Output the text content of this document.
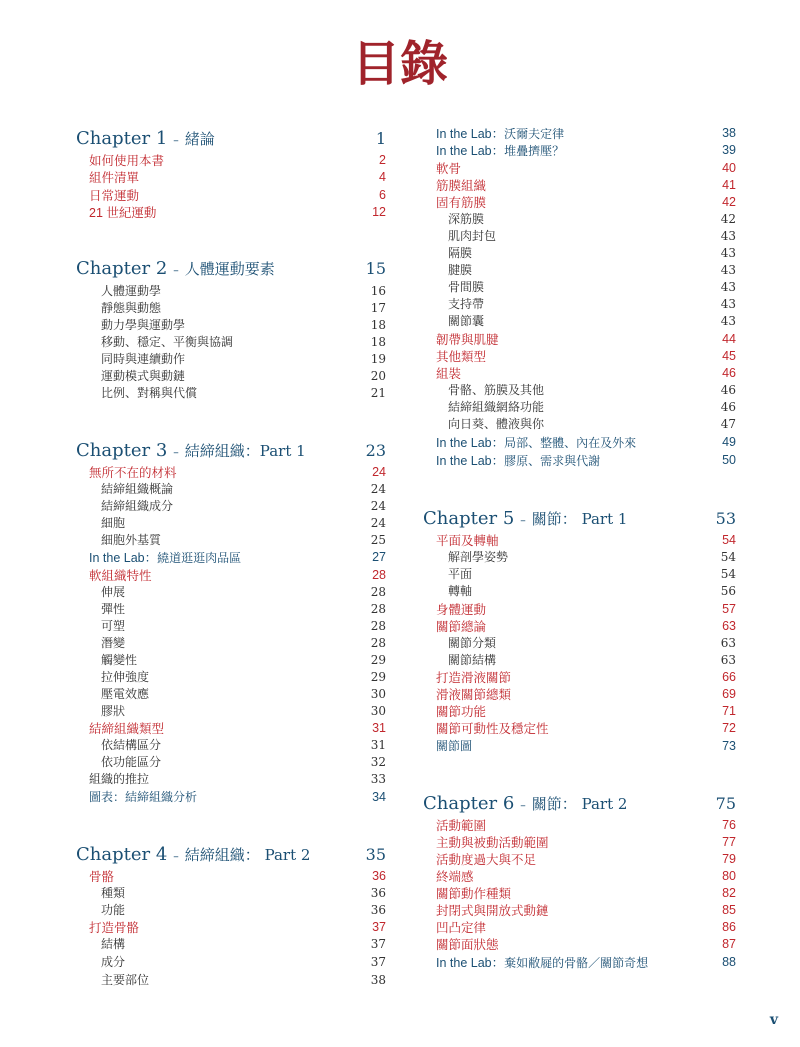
目錄
Chapter 1 – 緒論	1
如何使用本書	2
組件清單	4
日常運動	6
21 世紀運動	12
Chapter 2 – 人體運動要素	15
人體運動學	16
靜態與動態	17
動力學與運動學	18
移動、穩定、平衡與協調	18
同時與連續動作	19
運動模式與動鏈	20
比例、對稱與代償	21
Chapter 3 – 結締組織：Part 1	23
無所不在的材料	24
結締組織概論	24
結締組織成分	24
細胞	24
細胞外基質	25
In the Lab：繞道逛逛肉品區	27
軟組織特性	28
伸展	28
彈性	28
可塑	28
潛變	28
觸變性	29
拉伸強度	29
壓電效應	30
膠狀	30
結締組織類型	31
依結構區分	31
依功能區分	32
組織的推拉	33
圖表：結締組織分析	34
Chapter 4 – 結締組織： Part 2	35
骨骼	36
種類	36
功能	36
打造骨骼	37
結構	37
成分	37
主要部位	38
In the Lab：沃爾夫定律	38
In the Lab：堆疊擠壓？	39
軟骨	40
筋膜組織	41
固有筋膜	42
深筋膜	42
肌肉封包	43
隔膜	43
腱膜	43
骨間膜	43
支持帶	43
關節囊	43
韌帶與肌腱	44
其他類型	45
組裝	46
骨骼、筋膜及其他	46
結締組織網絡功能	46
向日葵、體液與你	47
In the Lab：局部、整體、內在及外來	49
In the Lab：膠原、需求與代謝	50
Chapter 5 – 關節： Part 1	53
平面及轉軸	54
解剖學姿勢	54
平面	54
轉軸	56
身體運動	57
關節總論	63
關節分類	63
關節結構	63
打造滑液關節	66
滑液關節總類	69
關節功能	71
關節可動性及穩定性	72
關節圖	73
Chapter 6 – 關節： Part 2	75
活動範圍	76
主動與被動活動範圍	77
活動度過大與不足	79
終端感	80
關節動作種類	82
封閉式與開放式動鏈	85
凹凸定律	86
關節面狀態	87
In the Lab：棄如敝屣的骨骼／關節奇想	88
v
